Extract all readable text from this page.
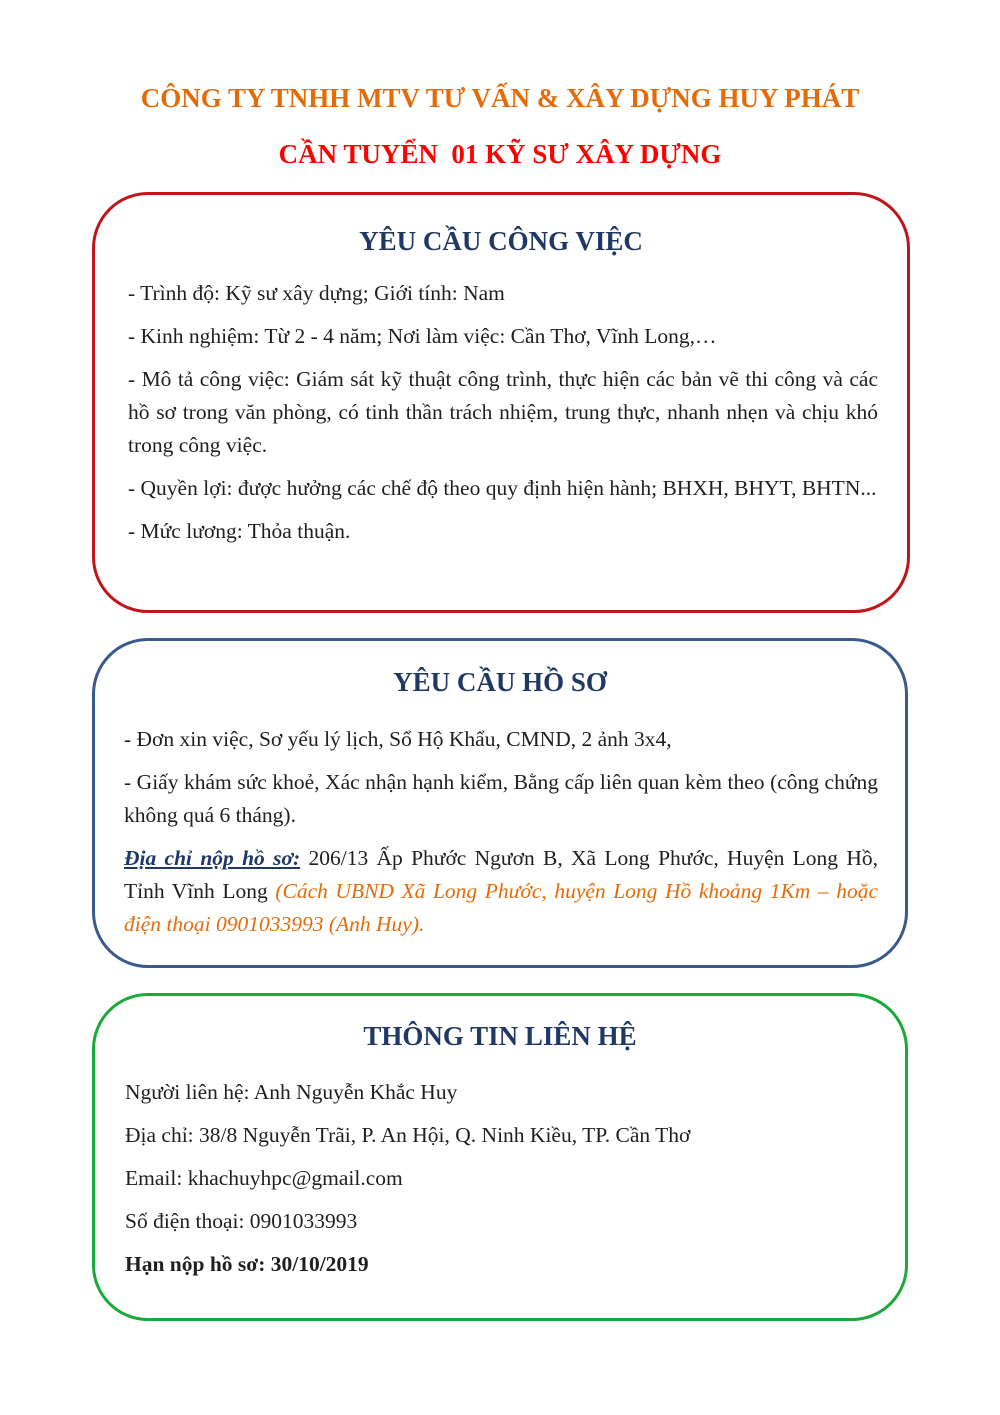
CÔNG TY TNHH MTV TƯ VẤN & XÂY DỰNG HUY PHÁT
CẦN TUYỂN  01 KỸ SƯ XÂY DỰNG
YÊU CẦU CÔNG VIỆC

- Trình độ: Kỹ sư xây dựng; Giới tính: Nam

- Kinh nghiệm: Từ 2 - 4 năm; Nơi làm việc: Cần Thơ, Vĩnh Long,…

- Mô tả công việc: Giám sát kỹ thuật công trình, thực hiện các bản vẽ thi công và các hồ sơ trong văn phòng, có tinh thần trách nhiệm, trung thực, nhanh nhẹn và chịu khó trong công việc.

- Quyền lợi: được hưởng các chế độ theo quy định hiện hành; BHXH, BHYT, BHTN...

- Mức lương: Thỏa thuận.

YÊU CẦU HỒ SƠ

- Đơn xin việc, Sơ yếu lý lịch, Sổ Hộ Khẩu, CMND, 2 ảnh 3x4,

- Giấy khám sức khoẻ, Xác nhận hạnh kiểm, Bằng cấp liên quan kèm theo (công chứng không quá 6 tháng).

Địa chỉ nộp hồ sơ: 206/13 Ấp Phước Ngươn B, Xã Long Phước, Huyện Long Hồ, Tỉnh Vĩnh Long (Cách UBND Xã Long Phước, huyện Long Hồ khoảng 1Km – hoặc điện thoại 0901033993 (Anh Huy).

THÔNG TIN LIÊN HỆ

Người liên hệ: Anh Nguyễn Khắc Huy

Địa chỉ: 38/8 Nguyễn Trãi, P. An Hội, Q. Ninh Kiều, TP. Cần Thơ

Email: khachuyhpc@gmail.com

Số điện thoại: 0901033993

Hạn nộp hồ sơ: 30/10/2019
